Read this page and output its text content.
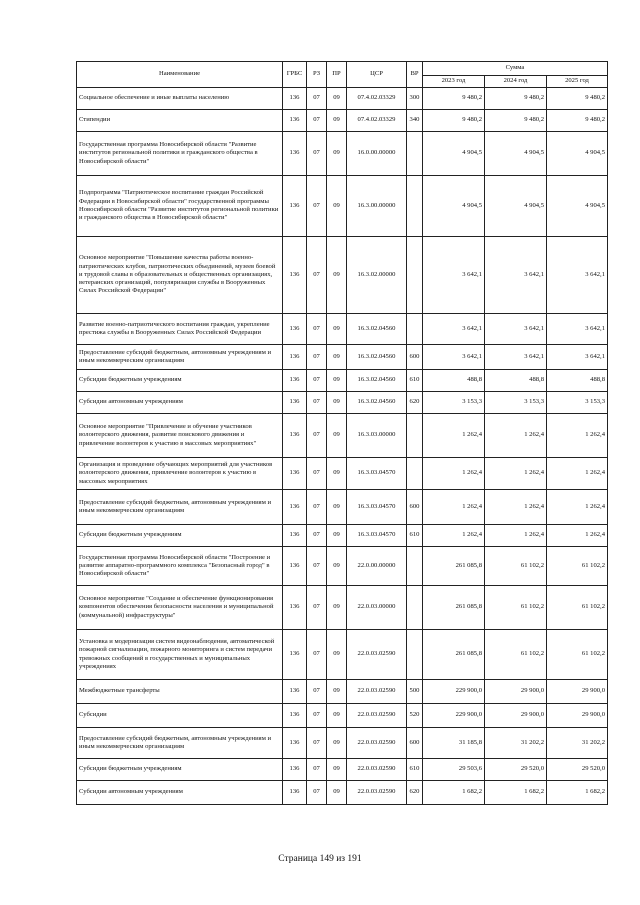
Наименование	ГРБС	РЗ	ПР	ЦСР	ВР	Сумма		
						2023 год	2024 год	2025 год
Социальное обеспечение и иные выплаты населению	136	07	09	07.4.02.03329	300	9 480,2	9 480,2	9 480,2
Стипендии	136	07	09	07.4.02.03329	340	9 480,2	9 480,2	9 480,2
Государственная программа Новосибирской области "Развитие институтов региональной политики и гражданского общества в Новосибирской области"	136	07	09	16.0.00.00000		4 904,5	4 904,5	4 904,5
Подпрограмма "Патриотическое воспитание граждан Российской Федерации в Новосибирской области" государственной программы Новосибирской области "Развитие институтов региональной политики и гражданского общества в Новосибирской области"	136	07	09	16.3.00.00000		4 904,5	4 904,5	4 904,5
Основное мероприятие "Повышение качества работы военно-патриотических клубов, патриотических объединений, музеев боевой и трудовой славы в образовательных и общественных организациях, ветеранских организаций, популяризация службы в Вооруженных Силах Российской Федерации"	136	07	09	16.3.02.00000		3 642,1	3 642,1	3 642,1
Развитие военно-патриотического воспитания граждан, укрепление престижа службы в Вооруженных Силах Российской Федерации	136	07	09	16.3.02.04560		3 642,1	3 642,1	3 642,1
Предоставление субсидий бюджетным, автономным учреждениям и иным некоммерческим организациям	136	07	09	16.3.02.04560	600	3 642,1	3 642,1	3 642,1
Субсидии бюджетным учреждениям	136	07	09	16.3.02.04560	610	488,8	488,8	488,8
Субсидии автономным учреждениям	136	07	09	16.3.02.04560	620	3 153,3	3 153,3	3 153,3
Основное мероприятие "Привлечение и обучение участников волонтерского движения, развитие поискового движения и привлечение волонтеров к участию в массовых мероприятиях"	136	07	09	16.3.03.00000		1 262,4	1 262,4	1 262,4
Организация и проведение обучающих мероприятий для участников волонтерского движения, привлечение волонтеров к участию в массовых мероприятиях	136	07	09	16.3.03.04570		1 262,4	1 262,4	1 262,4
Предоставление субсидий бюджетным, автономным учреждениям и иным некоммерческим организациям	136	07	09	16.3.03.04570	600	1 262,4	1 262,4	1 262,4
Субсидии бюджетным учреждениям	136	07	09	16.3.03.04570	610	1 262,4	1 262,4	1 262,4
Государственная программа Новосибирской области "Построение и развитие аппаратно-программного комплекса "Безопасный город" в Новосибирской области"	136	07	09	22.0.00.00000		261 085,8	61 102,2	61 102,2
Основное мероприятие "Создание и обеспечение функционирования компонентов обеспечения безопасности населения и муниципальной (коммунальной) инфраструктуры"	136	07	09	22.0.03.00000		261 085,8	61 102,2	61 102,2
Установка и модернизация систем видеонаблюдения, автоматической пожарной сигнализации, пожарного мониторинга и систем передачи тревожных сообщений в государственных и муниципальных учреждениях	136	07	09	22.0.03.02590		261 085,8	61 102,2	61 102,2
Межбюджетные трансферты	136	07	09	22.0.03.02590	500	229 900,0	29 900,0	29 900,0
Субсидии	136	07	09	22.0.03.02590	520	229 900,0	29 900,0	29 900,0
Предоставление субсидий бюджетным, автономным учреждениям и иным некоммерческим организациям	136	07	09	22.0.03.02590	600	31 185,8	31 202,2	31 202,2
Субсидии бюджетным учреждениям	136	07	09	22.0.03.02590	610	29 503,6	29 520,0	29 520,0
Субсидии автономным учреждениям	136	07	09	22.0.03.02590	620	1 682,2	1 682,2	1 682,2
Страница 149 из 191
